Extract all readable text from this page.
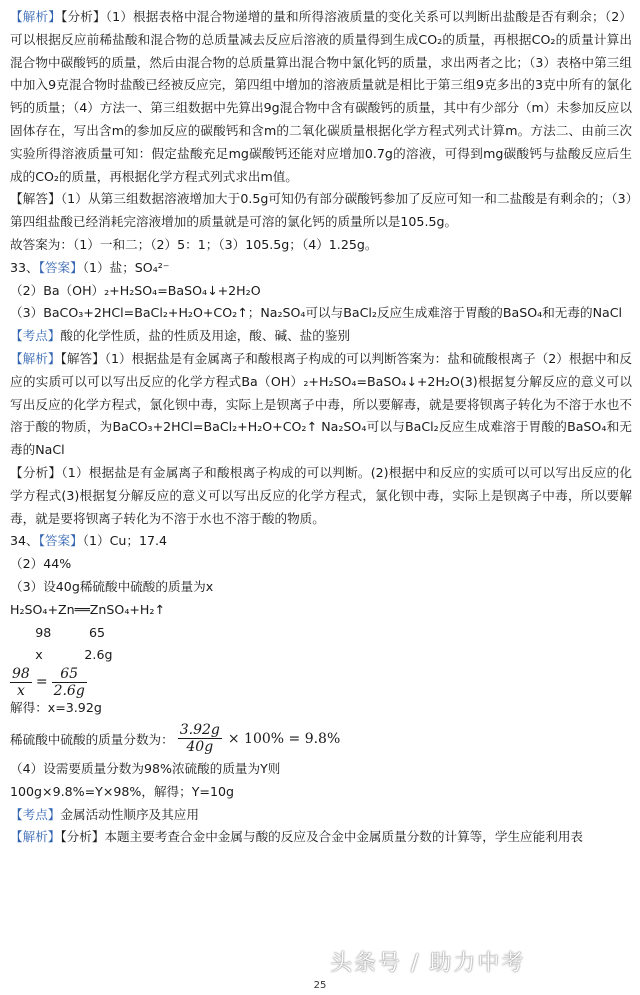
【解析】【分析】（1）根据表格中混合物递增的量和所得溶液质量的变化关系可以判断出盐酸是否有剩余；（2）可以根据反应前稀盐酸和混合物的总质量减去反应后溶液的质量得到生成CO₂的质量，再根据CO₂的质量计算出混合物中碳酸钙的质量，然后由混合物的总质量算出混合物中氯化钙的质量，求出两者之比；（3）表格中第三组中加入9克混合物时盐酸已经被反应完，第四组中增加的溶液质量就是相比于第三组9克多出的3克中所有的氯化钙的质量；（4）方法一、第三组数据中先算出9g混合物中含有碳酸钙的质量，其中有少部分（m）未参加反应以固体存在，写出含m的参加反应的碳酸钙和含m的二氧化碳质量根据化学方程式列式计算m。方法二、由前三次实验所得溶液质量可知：假定盐酸充足mg碳酸钙还能对应增加0.7g的溶液，可得到mg碳酸钙与盐酸反应后生成的CO₂的质量，再根据化学方程式列式求出m值。
【解答】（1）从第三组数据溶液增加大于0.5g可知仍有部分碳酸钙参加了反应可知一和二盐酸是有剩余的；（3）第四组盐酸已经消耗完溶液增加的质量就是可溶的氯化钙的质量所以是105.5g。
故答案为：（1）一和二；（2）5：1；（3）105.5g；（4）1.25g。
33、【答案】（1）盐；SO₄²⁻
（2）Ba（OH）₂+H₂SO₄=BaSO₄↓+2H₂O
（3）BaCO₃+2HCl=BaCl₂+H₂O+CO₂↑；Na₂SO₄可以与BaCl₂反应生成难溶于胃酸的BaSO₄和无毒的NaCl
【考点】酸的化学性质，盐的性质及用途，酸、碱、盐的鉴别
【解析】【解答】（1）根据盐是有金属离子和酸根离子构成的可以判断答案为：盐和硫酸根离子（2）根据中和反应的实质可以可以写出反应的化学方程式Ba（OH）₂+H₂SO₄=BaSO₄↓+2H₂O(3)根据复分解反应的意义可以写出反应的化学方程式，氯化钡中毒，实际上是钡离子中毒，所以要解毒，就是要将钡离子转化为不溶于水也不溶于酸的物质，为BaCO₃+2HCl=BaCl₂+H₂O+CO₂↑ Na₂SO₄可以与BaCl₂反应生成难溶于胃酸的BaSO₄和无毒的NaCl
【分析】（1）根据盐是有金属离子和酸根离子构成的可以判断。(2)根据中和反应的实质可以可以写出反应的化学方程式(3)根据复分解反应的意义可以写出反应的化学方程式，氯化钡中毒，实际上是钡离子中毒，所以要解毒，就是要将钡离子转化为不溶于水也不溶于酸的物质。
34、【答案】（1）Cu；17.4
（2）44%
（3）设40g稀硫酸中硫酸的质量为x
H₂SO₄+Zn══ZnSO₄+H₂↑
　　98　　　65
　　x　　　 2.6g
$\frac{98}{x} = \frac{65}{2.6g}$
解得：x=3.92g
稀硫酸中硫酸的质量分数为： $\frac{3.92g}{40g} \times 100\% = 9.8\%$
（4）设需要质量分数为98%浓硫酸的质量为Y则
100g×9.8%=Y×98%，解得；Y=10g
【考点】金属活动性顺序及其应用
【解析】【分析】本题主要考查合金中金属与酸的反应及合金中金属质量分数的计算等，学生应能利用表
头条号 / 助力中考
25
